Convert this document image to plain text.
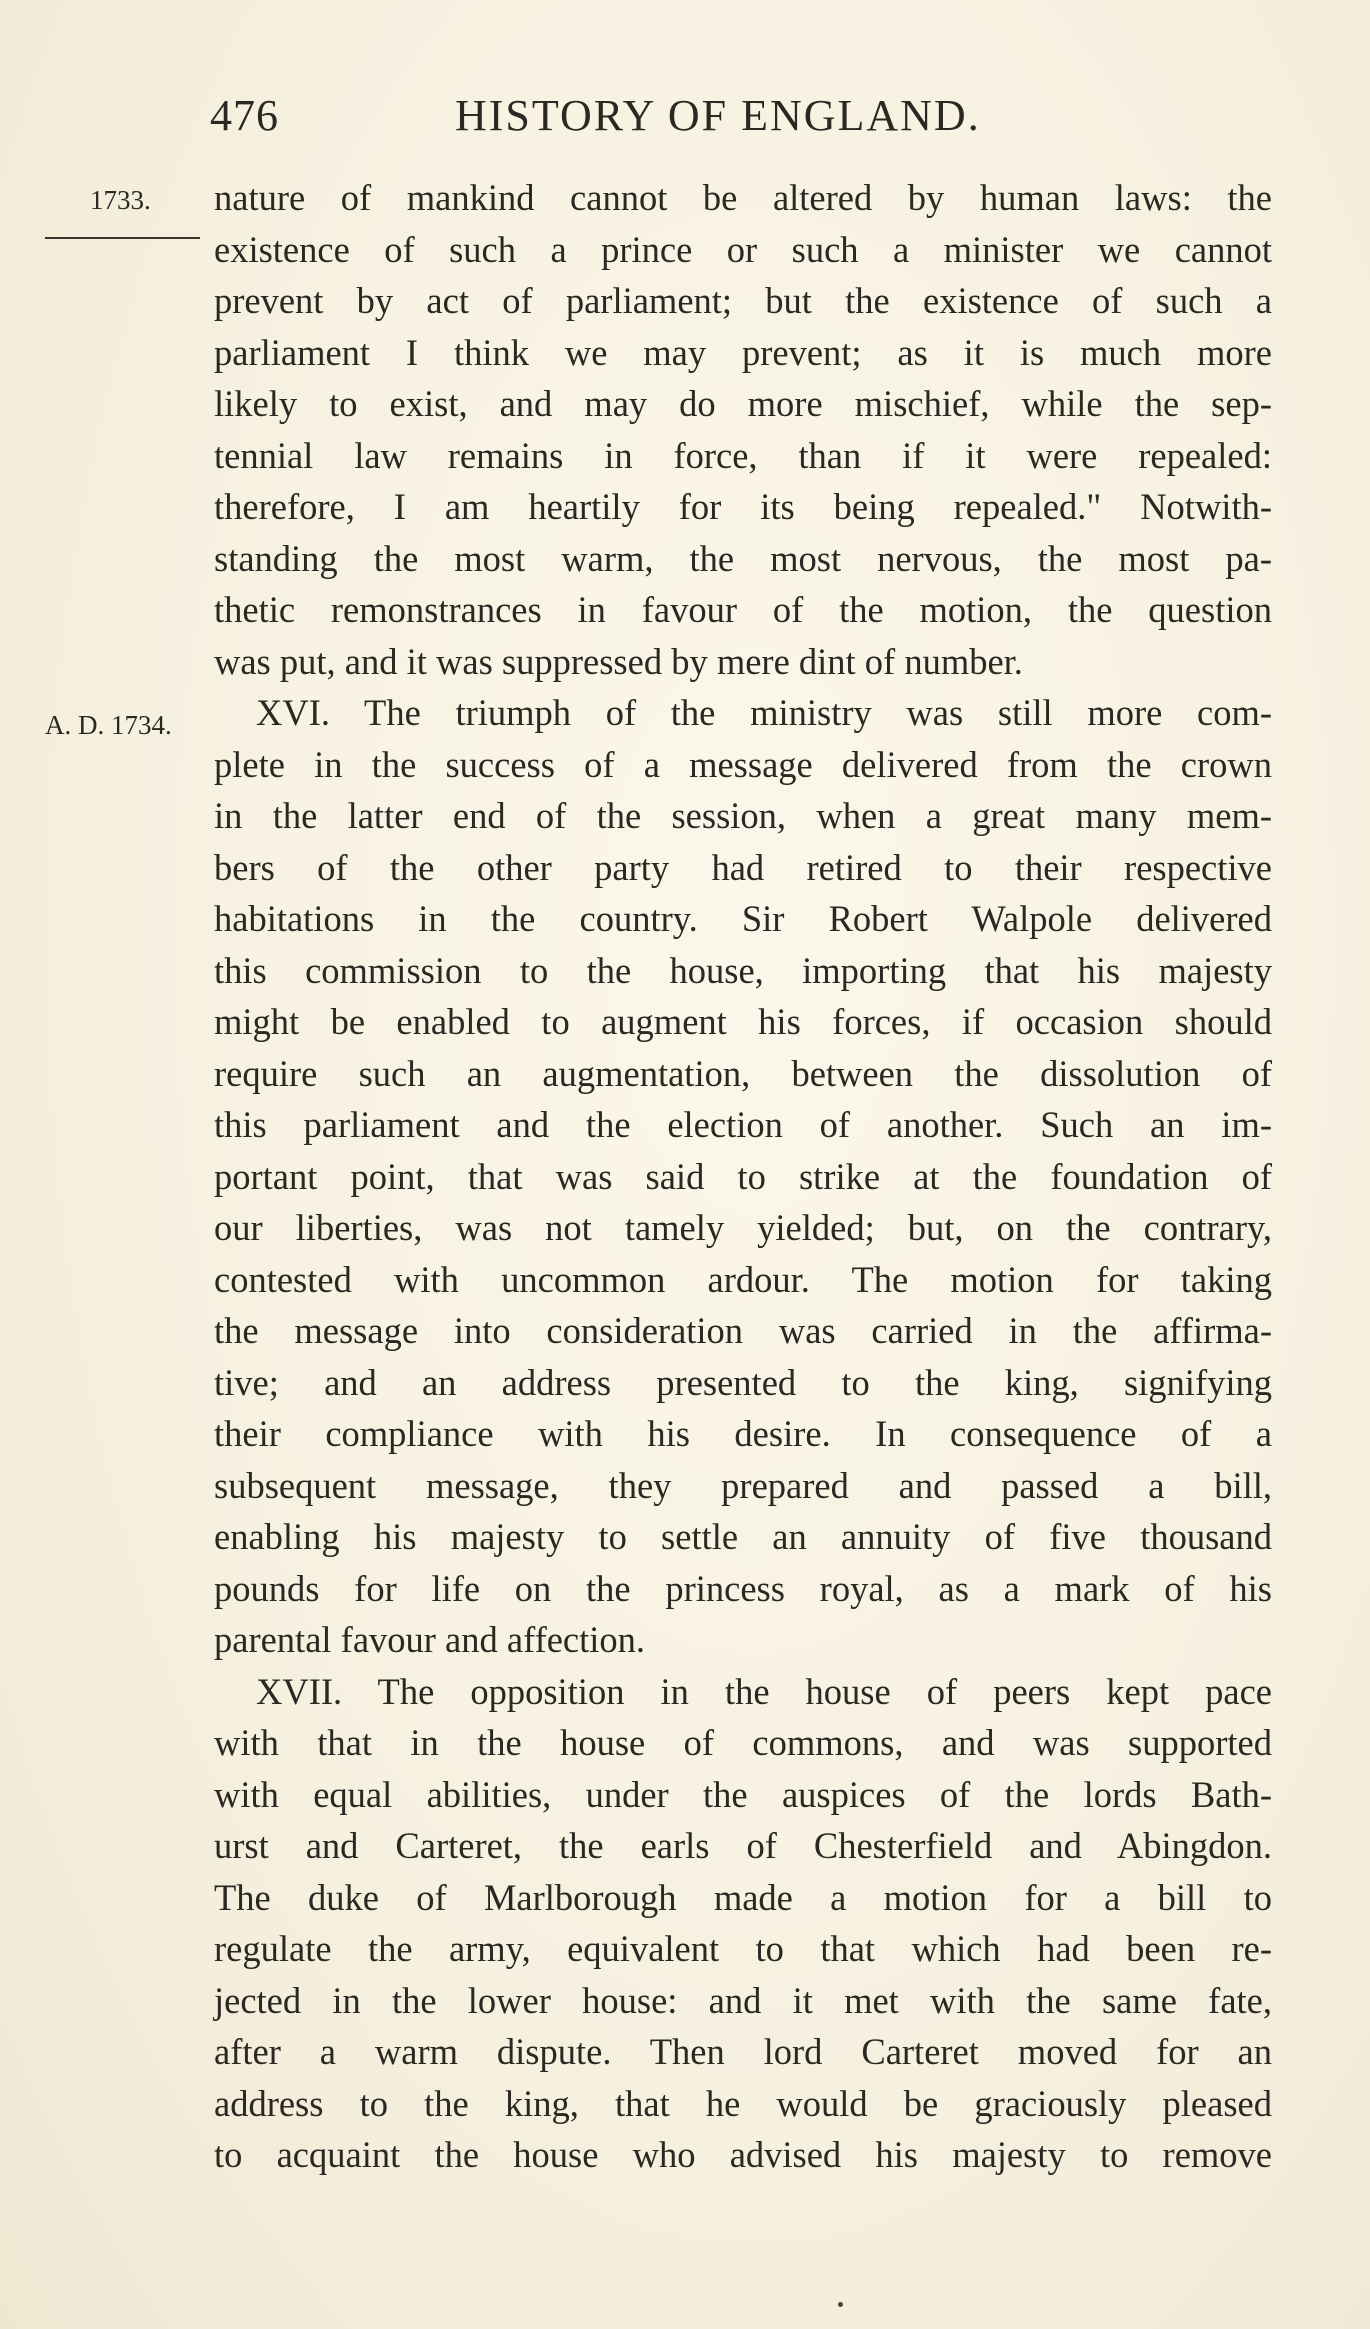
476	HISTORY OF ENGLAND.
1733.
A. D. 1734.
nature of mankind cannot be altered by human laws: the
existence of such a prince or such a minister we cannot
prevent by act of parliament; but the existence of such a
parliament I think we may prevent; as it is much more
likely to exist, and may do more mischief, while the sep-
tennial law remains in force, than if it were repealed:
therefore, I am heartily for its being repealed." Notwith-
standing the most warm, the most nervous, the most pa-
thetic remonstrances in favour of the motion, the question
was put, and it was suppressed by mere dint of number.
XVI. The triumph of the ministry was still more com-
plete in the success of a message delivered from the crown
in the latter end of the session, when a great many mem-
bers of the other party had retired to their respective
habitations in the country. Sir Robert Walpole delivered
this commission to the house, importing that his majesty
might be enabled to augment his forces, if occasion should
require such an augmentation, between the dissolution of
this parliament and the election of another. Such an im-
portant point, that was said to strike at the foundation of
our liberties, was not tamely yielded; but, on the contrary,
contested with uncommon ardour. The motion for taking
the message into consideration was carried in the affirma-
tive; and an address presented to the king, signifying
their compliance with his desire. In consequence of a
subsequent message, they prepared and passed a bill,
enabling his majesty to settle an annuity of five thousand
pounds for life on the princess royal, as a mark of his
parental favour and affection.
XVII. The opposition in the house of peers kept pace
with that in the house of commons, and was supported
with equal abilities, under the auspices of the lords Bath-
urst and Carteret, the earls of Chesterfield and Abingdon.
The duke of Marlborough made a motion for a bill to
regulate the army, equivalent to that which had been re-
jected in the lower house: and it met with the same fate,
after a warm dispute. Then lord Carteret moved for an
address to the king, that he would be graciously pleased
to acquaint the house who advised his majesty to remove
